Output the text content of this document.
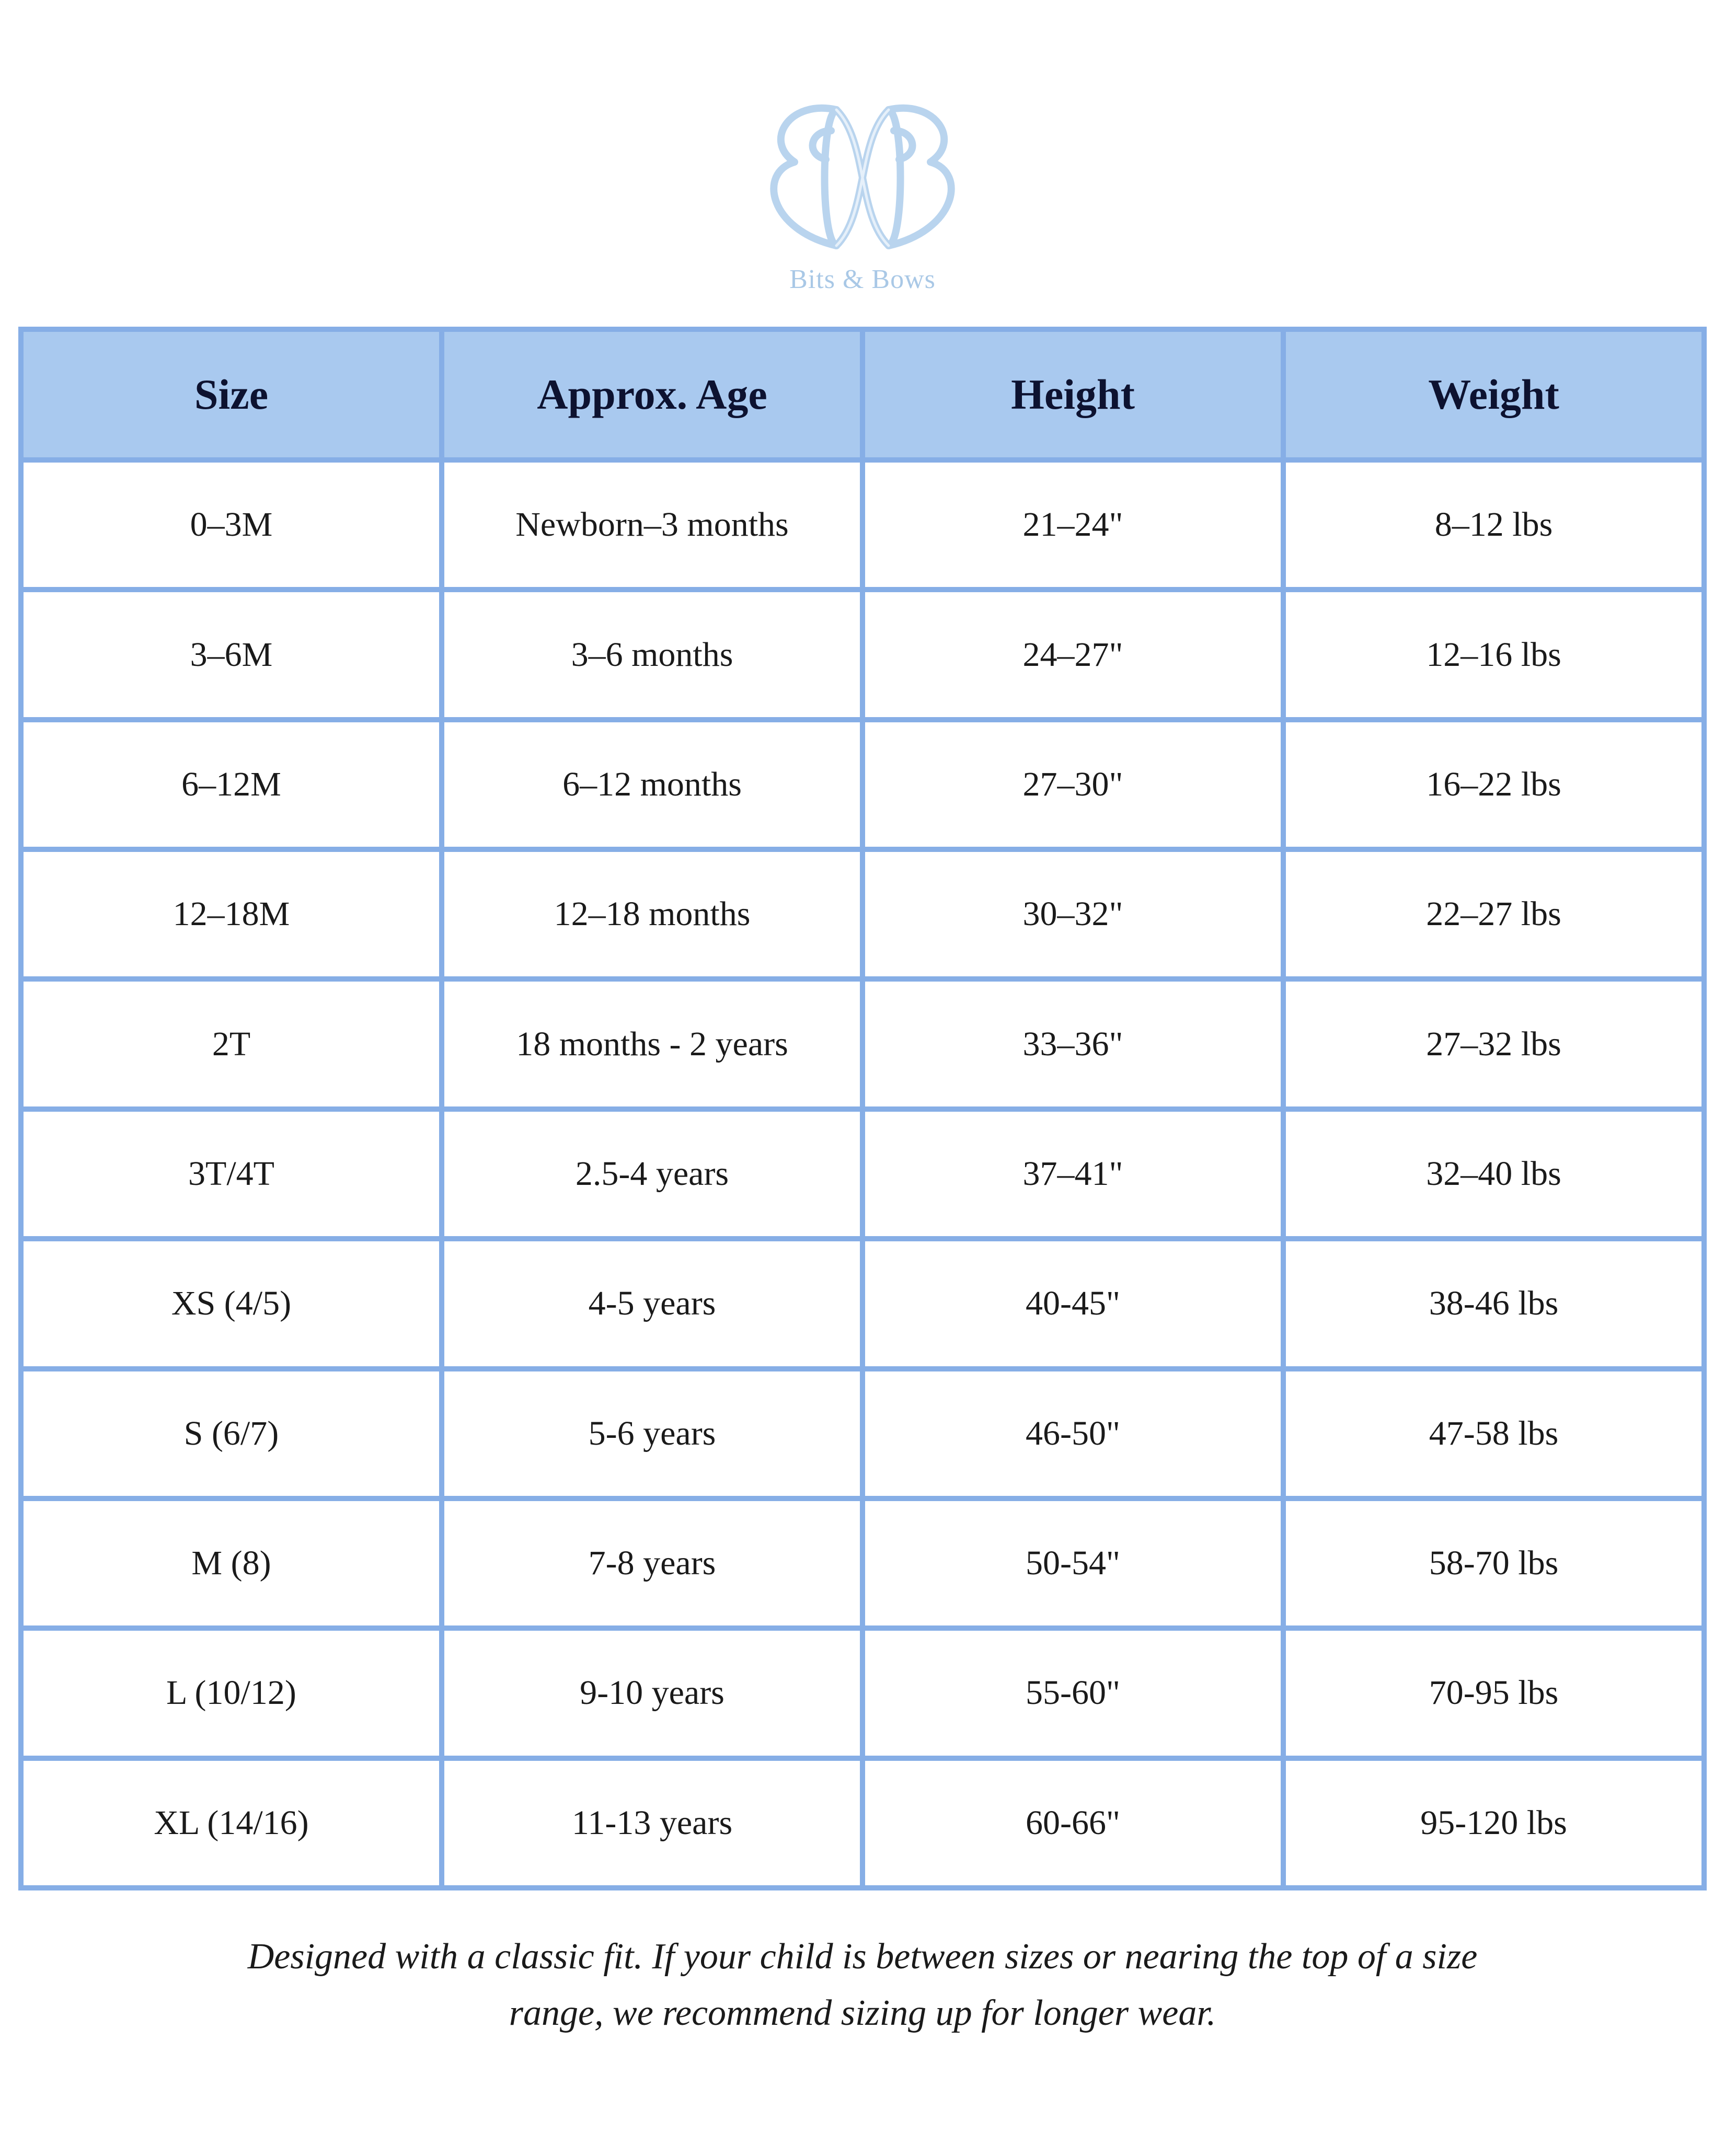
Bits & Bows
Size	Approx. Age	Height	Weight
0–3M	Newborn–3 months	21–24"	8–12 lbs
3–6M	3–6 months	24–27"	12–16 lbs
6–12M	6–12 months	27–30"	16–22 lbs
12–18M	12–18 months	30–32"	22–27 lbs
2T	18 months - 2 years	33–36"	27–32 lbs
3T/4T	2.5-4 years	37–41"	32–40 lbs
XS (4/5)	4-5 years	40-45"	38-46 lbs
S (6/7)	5-6 years	46-50"	47-58 lbs
M (8)	7-8 years	50-54"	58-70 lbs
L (10/12)	9-10 years	55-60"	70-95 lbs
XL (14/16)	11-13 years	60-66"	95-120 lbs
Designed with a classic fit. If your child is between sizes or nearing the top of a size
range, we recommend sizing up for longer wear.
